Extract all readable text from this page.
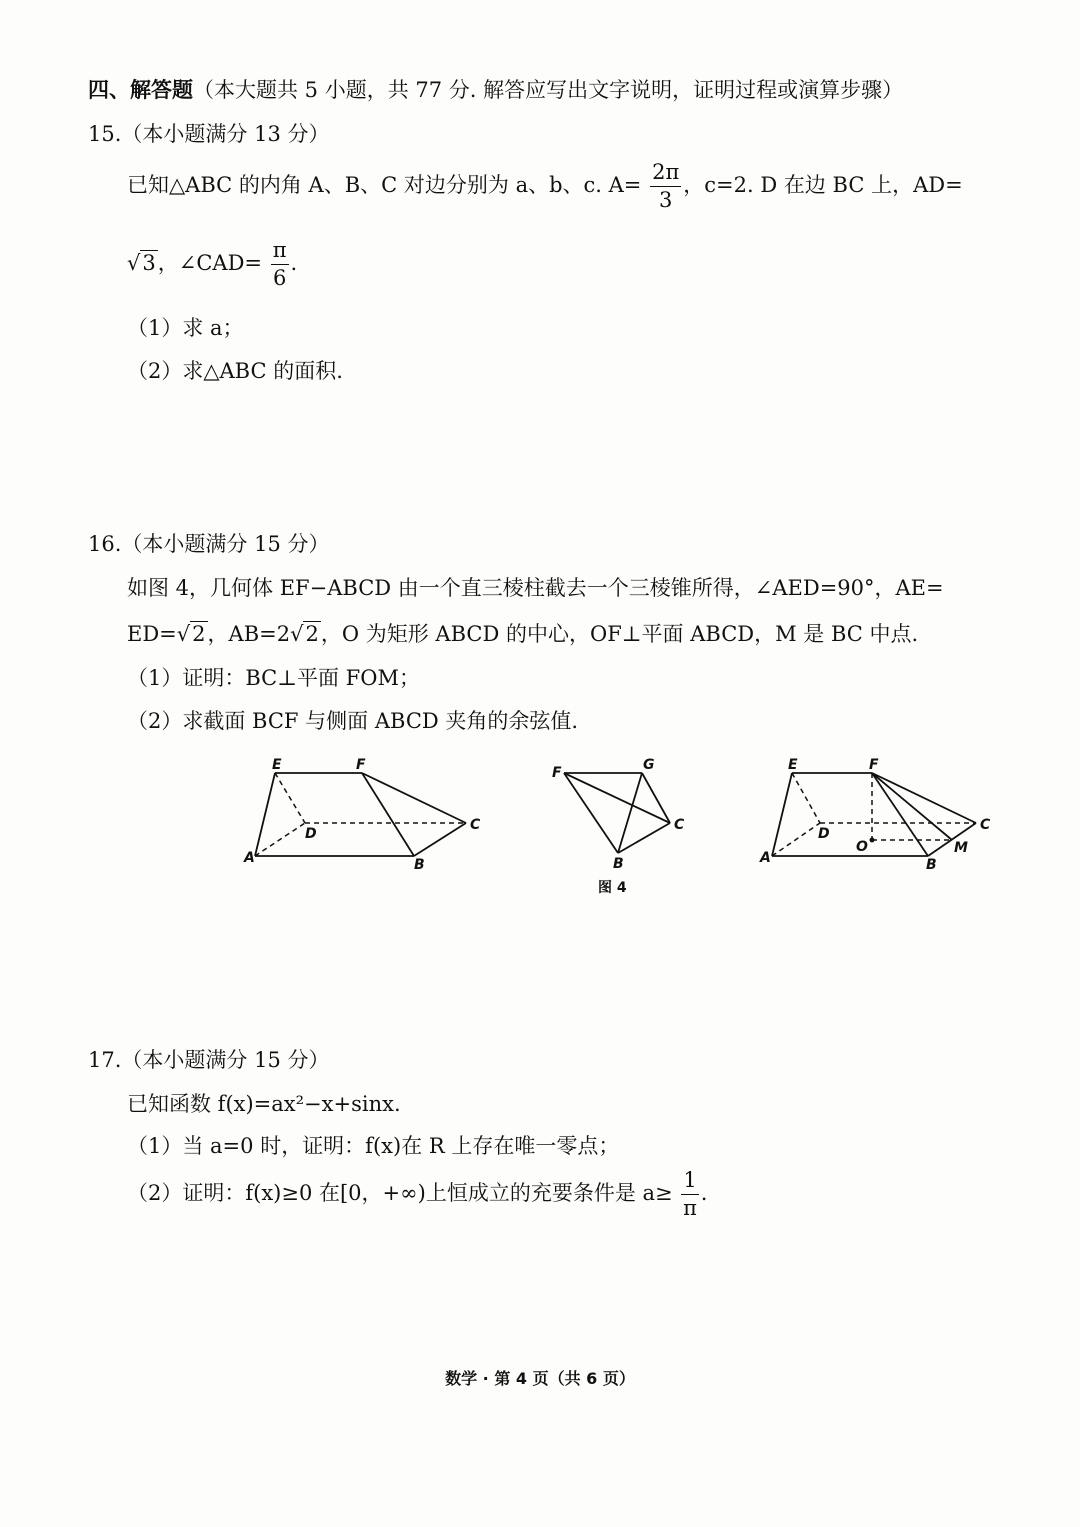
四、解答题（本大题共 5 小题，共 77 分. 解答应写出文字说明，证明过程或演算步骤）
15.（本小题满分 13 分）
已知△ABC 的内角 A、B、C 对边分别为 a、b、c. $A= \frac{2\pi}{3}$ ，c=2. D 在边 BC 上，AD=
√3，∠CAD= $\frac{\pi}{6}$ .
（1）求 a；
（2）求△ABC 的面积.
16.（本小题满分 15 分）
如图 4，几何体 EF−ABCD 由一个直三棱柱截去一个三棱锥所得，∠AED=90°，AE=
ED=√2，AB=2√2，O 为矩形 ABCD 的中心，OF⊥平面 ABCD，M 是 BC 中点.
（1）证明：BC⊥平面 FOM；
（2）求截面 BCF 与侧面 ABCD 夹角的余弦值.
E	F
A	B
C
D
F	G
C
B
E	F
A	B
C
D
O	M
图 4
17.（本小题满分 15 分）
已知函数 f(x)=ax²−x+sinx.
（1）当 a=0 时，证明：f(x)在 R 上存在唯一零点；
（2）证明：f(x)≥0 在[0，+∞)上恒成立的充要条件是 $a\ge \frac{1}{\pi}$ .
数学 · 第 4 页（共 6 页）
